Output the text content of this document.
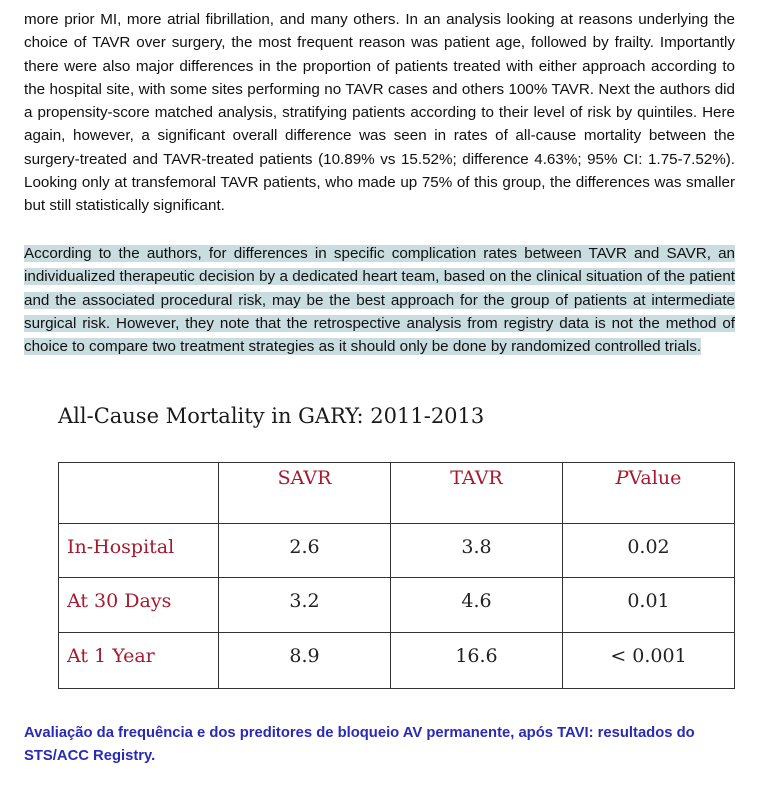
more prior MI, more atrial fibrillation, and many others. In an analysis looking at reasons underlying the choice of TAVR over surgery, the most frequent reason was patient age, followed by frailty. Importantly there were also major differences in the proportion of patients treated with either approach according to the hospital site, with some sites performing no TAVR cases and others 100% TAVR. Next the authors did a propensity-score matched analysis, stratifying patients according to their level of risk by quintiles. Here again, however, a significant overall difference was seen in rates of all-cause mortality between the surgery-treated and TAVR-treated patients (10.89% vs 15.52%; difference 4.63%; 95% CI: 1.75-7.52%). Looking only at transfemoral TAVR patients, who made up 75% of this group, the differences was smaller but still statistically significant.

According to the authors, for differences in specific complication rates between TAVR and SAVR, an individualized therapeutic decision by a dedicated heart team, based on the clinical situation of the patient and the associated procedural risk, may be the best approach for the group of patients at intermediate surgical risk. However, they note that the retrospective analysis from registry data is not the method of choice to compare two treatment strategies as it should only be done by randomized controlled trials.

All-Cause Mortality in GARY: 2011-2013

	SAVR	TAVR	PValue
In-Hospital	2.6	3.8	0.02
At 30 Days	3.2	4.6	0.01
At 1 Year	8.9	16.6	< 0.001

Avaliação da frequência e dos preditores de bloqueio AV permanente, após TAVI: resultados do STS/ACC Registry.
